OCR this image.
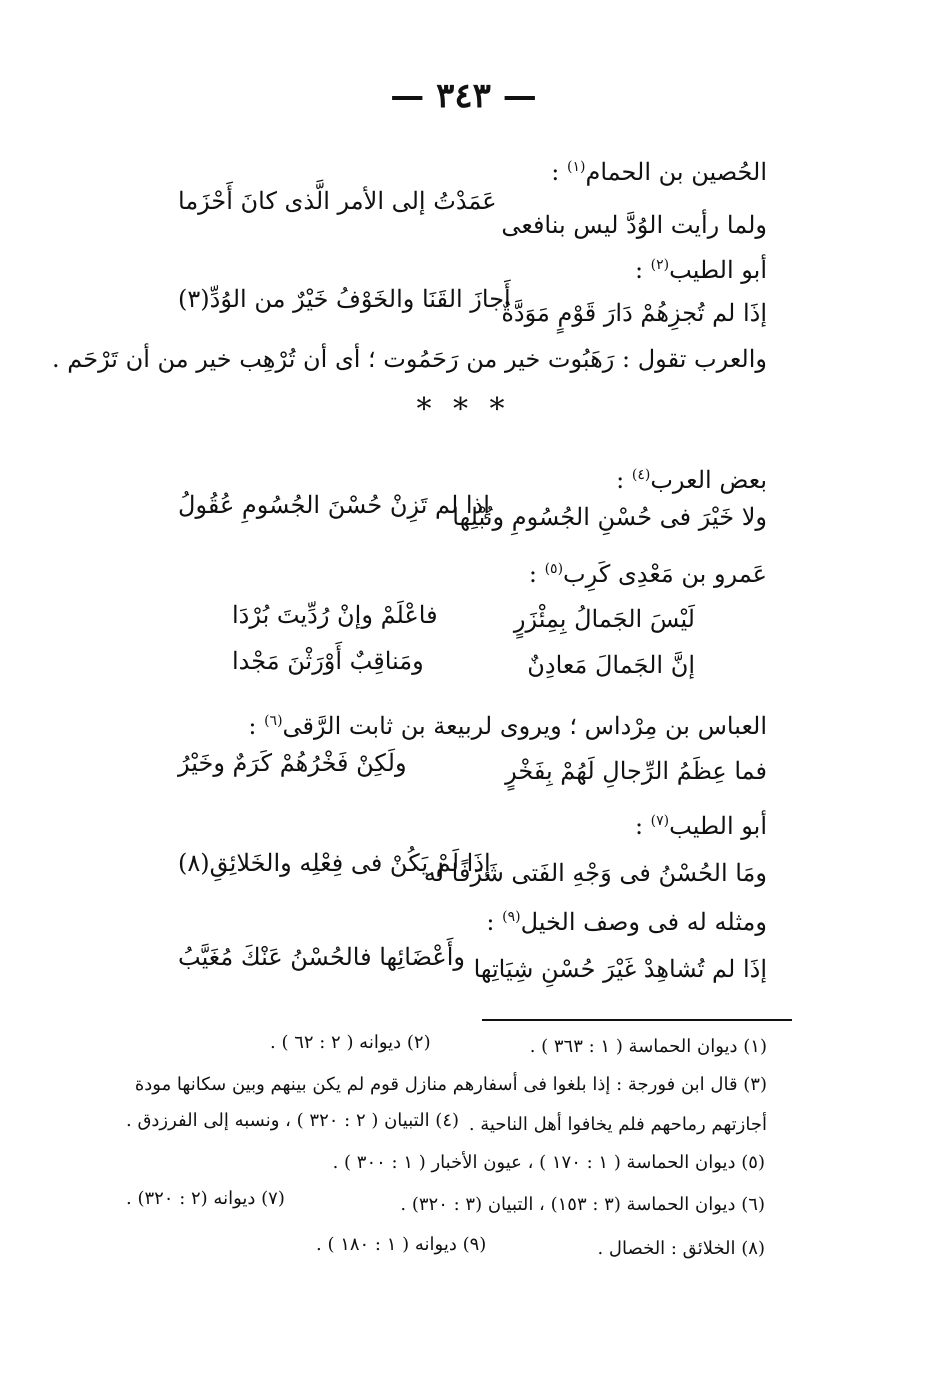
— ٣٤٣ —
الحُصين بن الحمام$^{(١)}$ :
ولما رأيت الوُدَّ ليس بنافعى
عَمَدْتُ إلى الأمر الَّذى كانَ أَحْزَما
أبو الطيب$^{(٢)}$ :
إذَا لم تُجزِهُمْ دَارَ قَوْمٍ مَوَدَّةٌ
أَجازَ القَنَا والخَوْفُ خَيْرٌ من الوُدِّ(٣)
والعرب تقول : رَهَبُوت خير من رَحَمُوت ؛ أى أن تُرْهِب خير من أن تَرْحَم .
* * *
بعض العرب$^{(٤)}$ :
ولا خَيْرَ فى حُسْنِ الجُسُومِ ونُبْلِها
إذا لم تَزِنْ حُسْنَ الجُسُومِ عُقُولُ
عَمرو بن مَعْدِى كَرِب$^{(٥)}$ :
لَيْسَ الجَمالُ بِمِئْزَرٍ
فاعْلَمْ وإنْ رُدِّيتَ بُرْدَا
إنَّ الجَمالَ مَعادِنٌ
ومَناقِبٌ أَوْرَثْنَ مَجْدا
العباس بن مِرْداس ؛ ويروى لربيعة بن ثابت الرَّقى$^{(٦)}$ :
فما عِظَمُ الرِّجالِ لَهُمْ بِفَخْرٍ
ولَكِنْ فَخْرُهُمْ كَرَمٌ وخَيْرُ
أبو الطيب$^{(٧)}$ :
ومَا الحُسْنُ فى وَجْهِ الفَتى شَرَفًا له
إذَا لَمْ يَكُنْ فى فِعْلِه والخَلائِقِ(٨)
ومثله له فى وصف الخيل$^{(٩)}$ :
إذَا لم تُشاهِدْ غَيْرَ حُسْنِ شِيَاتِها
وأَعْضَائِها فالحُسْنُ عَنْكَ مُغَيَّبُ
(١) ديوان الحماسة ( ١ : ٣٦٣ ) .
(٢) ديوانه ( ٢ : ٦٢ ) .
(٣) قال ابن فورجة : إذا بلغوا فى أسفارهم منازل قوم لم يكن بينهم وبين سكانها مودة
أجازتهم رماحهم فلم يخافوا أهل الناحية .
(٤) التبيان ( ٢ : ٣٢٠ ) ، ونسبه إلى الفرزدق .
(٥) ديوان الحماسة ( ١ : ١٧٠ ) ، عيون الأخبار ( ١ : ٣٠٠ ) .
(٦) ديوان الحماسة (٣ : ١٥٣) ، التبيان (٣ : ٣٢٠) .
(٧) ديوانه (٢ : ٣٢٠) .
(٨) الخلائق : الخصال .
(٩) ديوانه ( ١ : ١٨٠ ) .
